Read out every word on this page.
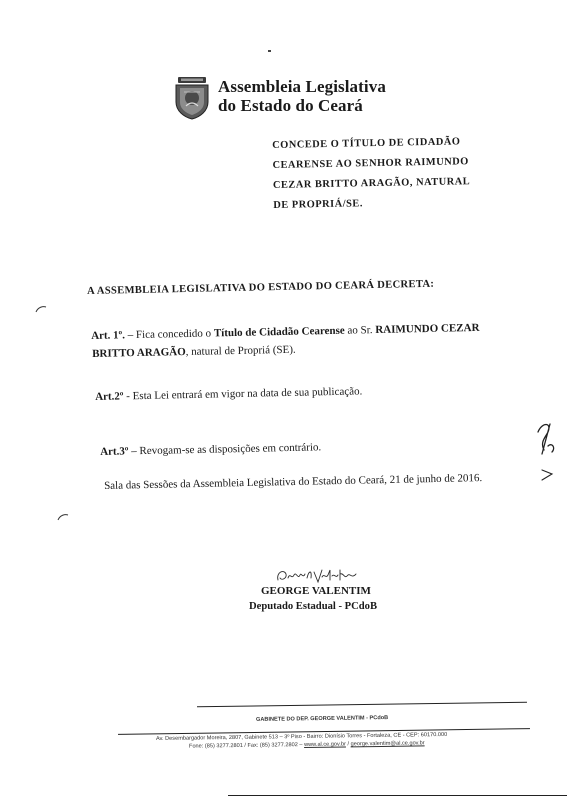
Assembleia Legislativa
do Estado do Ceará
CONCEDE O TÍTULO DE CIDADÃO
CEARENSE AO SENHOR RAIMUNDO
CEZAR BRITTO ARAGÃO, NATURAL
DE PROPRIÁ/SE.
A ASSEMBLEIA LEGISLATIVA DO ESTADO DO CEARÁ DECRETA:
Art. 1º. – Fica concedido o Título de Cidadão Cearense ao Sr. RAIMUNDO CEZAR
BRITTO ARAGÃO, natural de Propriá (SE).
Art.2º - Esta Lei entrará em vigor na data de sua publicação.
Art.3º – Revogam-se as disposições em contrário.
Sala das Sessões da Assembleia Legislativa do Estado do Ceará, 21 de junho de 2016.
GEORGE VALENTIM
Deputado Estadual - PCdoB
GABINETE DO DEP. GEORGE VALENTIM - PCdoB
Av. Desembargador Moreira, 2807, Gabinete 513 – 3º Piso - Bairro: Dionísio Torres - Fortaleza, CE - CEP: 60170.000
Fone: (85) 3277.2801 / Fax: (85) 3277.2802 – www.al.ce.gov.br / george.valentim@al.ce.gov.br
